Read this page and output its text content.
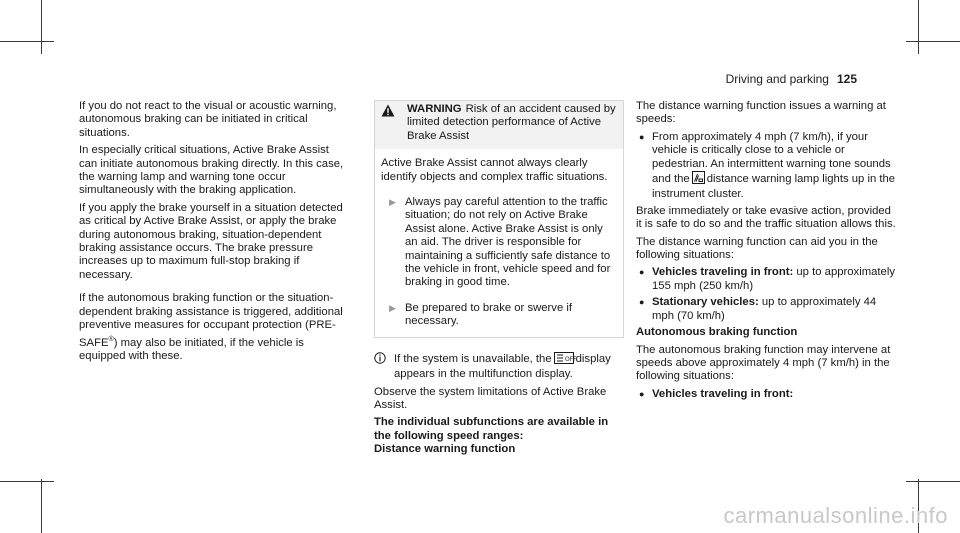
Driving and parking 125

If you do not react to the visual or acoustic warning, autonomous braking can be initiated in critical situations.

In especially critical situations, Active Brake Assist can initiate autonomous braking directly. In this case, the warning lamp and warning tone occur simultaneously with the braking application.

If you apply the brake yourself in a situation detected as critical by Active Brake Assist, or apply the brake during autonomous braking, situation-dependent braking assistance occurs. The brake pressure increases up to maximum full-stop braking if necessary.

If the autonomous braking function or the situation-dependent braking assistance is triggered, additional preventive measures for occupant protection (PRE-SAFE®) may also be initiated, if the vehicle is equipped with these.

WARNING Risk of an accident caused by limited detection performance of Active Brake Assist

Active Brake Assist cannot always clearly identify objects and complex traffic situations.

▶ Always pay careful attention to the traffic situation; do not rely on Active Brake Assist alone. Active Brake Assist is only an aid. The driver is responsible for maintaining a sufficiently safe distance to the vehicle in front, vehicle speed and for braking in good time.
▶ Be prepared to brake or swerve if necessary.
If the system is unavailable, the OFF display appears in the multifunction display.

Observe the system limitations of Active Brake Assist.

The individual subfunctions are available in the following speed ranges:

Distance warning function

The distance warning function issues a warning at speeds:

● From approximately 4 mph (7 km/h), if your vehicle is critically close to a vehicle or pedestrian. An intermittent warning tone sounds and the distance warning lamp lights up in the instrument cluster.

Brake immediately or take evasive action, provided it is safe to do so and the traffic situation allows this.

The distance warning function can aid you in the following situations:

● Vehicles traveling in front: up to approximately 155 mph (250 km/h)
● Stationary vehicles: up to approximately 44 mph (70 km/h)

Autonomous braking function

The autonomous braking function may intervene at speeds above approximately 4 mph (7 km/h) in the following situations:

● Vehicles traveling in front:
carmanualsonline.info
